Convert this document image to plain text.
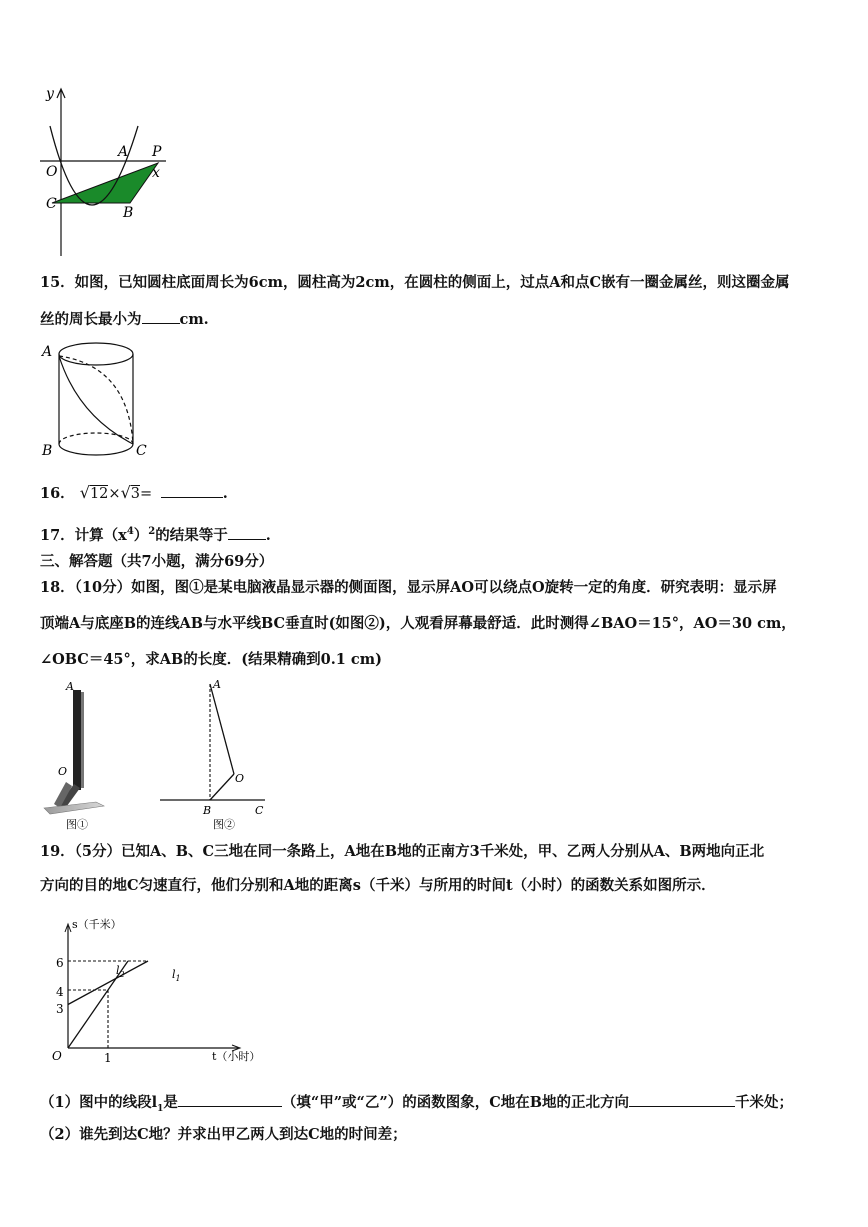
y
x
O
A P
C
B
15．如图，已知圆柱底面周长为6cm，圆柱高为2cm，在圆柱的侧面上，过点A和点C嵌有一圈金属丝，则这圈金属
丝的周长最小为	cm.
A
B	C
16． √12×√3=	.
17．计算$(x^4)^2$的结果等于	.
三、解答题（共7小题，满分69分）
18．（10分）如图，图①是某电脑液晶显示器的侧面图，显示屏AO可以绕点O旋转一定的角度．研究表明：显示屏
顶端A与底座B的连线AB与水平线BC垂直时(如图②)，人观看屏幕最舒适．此时测得∠BAO＝15°，AO＝30 cm，
∠OBC＝45°，求AB的长度．(结果精确到0.1 cm)
A
O
图①
A
O
B	C
图②
19．（5分）已知A、B、C三地在同一条路上，A地在B地的正南方3千米处，甲、乙两人分别从A、B两地向正北
方向的目的地C匀速直行，他们分别和A地的距离s（千米）与所用的时间t（小时）的函数关系如图所示．
s（千米）
t（小时）
O
6
4
3
1
$l_2$	$l_1$
（1）图中的线段$l_1$是	（填“甲”或“乙”）的函数图象，C地在B地的正北方向	千米处；
（2）谁先到达C地？并求出甲乙两人到达C地的时间差；
